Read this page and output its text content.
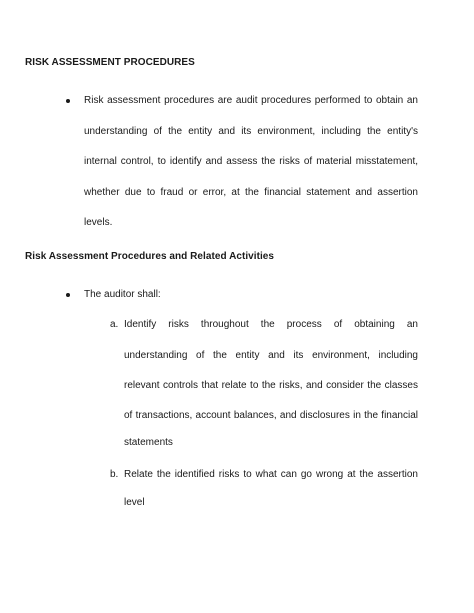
RISK ASSESSMENT PROCEDURES
Risk assessment procedures are audit procedures performed to obtain an
understanding of the entity and its environment, including the entity's
internal control, to identify and assess the risks of material misstatement,
whether due to fraud or error, at the financial statement and assertion
levels.
Risk Assessment Procedures and Related Activities
The auditor shall:
a. Identify risks throughout the process of obtaining an
understanding of the entity and its environment, including
relevant controls that relate to the risks, and consider the classes
of transactions, account balances, and disclosures in the financial
statements
b. Relate the identified risks to what can go wrong at the assertion
level
